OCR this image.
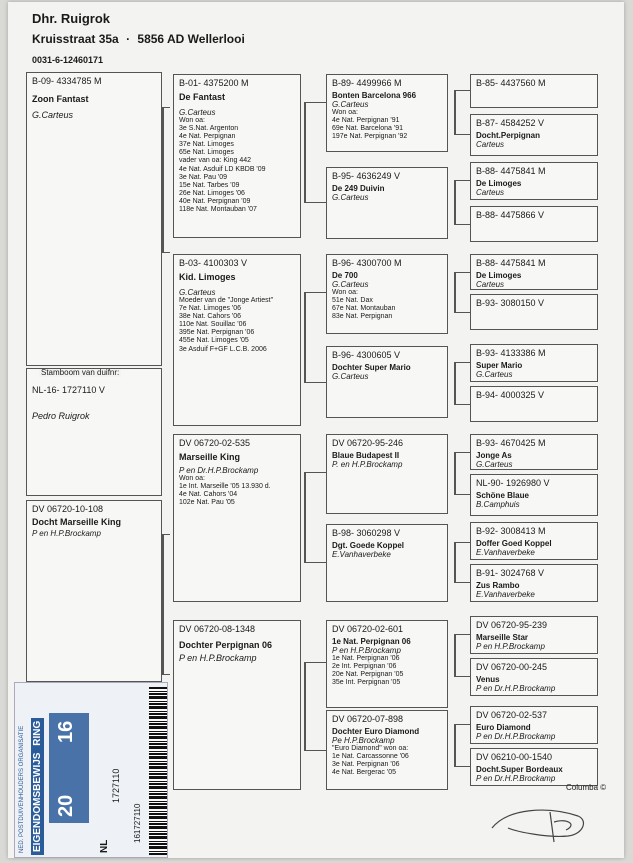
Dhr. Ruigrok
Kruisstraat 35a · 5856 AD Wellerlooi
0031-6-12460171
B-09- 4334785 M
Zoon Fantast
G.Carteus
Stamboom van duifnr:
NL-16- 1727110 V
Pedro Ruigrok
DV 06720-10-108
Docht Marseille King
P en H.P.Brockamp
B-01- 4375200 M
De Fantast
G.Carteus
Won oa:
3e S.Nat. Argenton
4e Nat. Perpignan
37e Nat. Limoges
65e Nat. Limoges
vader van oa: King 442
4e Nat. Asduif LD KBDB '09
3e Nat. Pau '09
15e Nat. Tarbes '09
26e Nat. Limoges '06
40e Nat. Perpignan '09
118e Nat. Montauban '07
B-03- 4100303 V
Kid. Limoges
G.Carteus
Moeder van de "Jonge Artiest"
7e Nat. Limoges '06
38e Nat. Cahors '06
110e Nat. Souillac '06
395e Nat. Perpignan '06
455e Nat. Limoges '05
3e Asduif F+GF L.C.B. 2006
DV 06720-02-535
Marseille King
P en Dr.H.P.Brockamp
Won oa:
1e Int. Marseille '05 13.930 d.
4e Nat. Cahors '04
102e Nat. Pau '05
DV 06720-08-1348
Dochter Perpignan 06
P en H.P.Brockamp
B-89- 4499966 M
Bonten Barcelona 966
G.Carteus
Won oa:
4e Nat. Perpignan '91
69e Nat. Barcelona '91
197e Nat. Perpignan '92
B-95- 4636249 V
De 249 Duivin
G.Carteus
B-96- 4300700 M
De 700
G.Carteus
Won oa:
51e Nat. Dax
67e Nat. Montauban
83e Nat. Perpignan
B-96- 4300605 V
Dochter Super Mario
G.Carteus
DV 06720-95-246
Blaue Budapest II
P. en H.P.Brockamp
B-98- 3060298 V
Dgt. Goede Koppel
E.Vanhaverbeke
DV 06720-02-601
1e Nat. Perpignan 06
P en H.P.Brockamp
1e Nat. Perpignan '06
2e Int. Perpignan '06
20e Nat. Perpignan '05
35e Int. Perpignan '05
DV 06720-07-898
Dochter Euro Diamond
Pe H.P.Brockamp
"Euro Diamond" won oa:
1e Nat. Carcassonne '06
3e Nat. Perpignan '06
4e Nat. Bergerac '05
B-85- 4437560 M
B-87- 4584252 V
Docht.Perpignan
Carteus
B-88- 4475841 M
De Limoges
Carteus
B-88- 4475866 V
B-88- 4475841 M
De Limoges
Carteus
B-93- 3080150 V
B-93- 4133386 M
Super Mario
G.Carteus
B-94- 4000325 V
B-93- 4670425 M
Jonge As
G.Carteus
NL-90- 1926980 V
Schöne Blaue
B.Camphuis
B-92- 3008413 M
Doffer Goed Koppel
E.Vanhaverbeke
B-91- 3024768 V
Zus Rambo
E.Vanhaverbeke
DV 06720-95-239
Marseille Star
P en H.P.Brockamp
DV 06720-00-245
Venus
P en Dr.H.P.Brockamp
DV 06720-02-537
Euro Diamond
P en Dr.H.P.Brockamp
DV 06210-00-1540
Docht.Super Bordeaux
P en Dr.H.P.Brockamp
Columba ©
NED. POSTDUIVENHOUDERS ORGANISATIE EIGENDOMSBEWIJS RING
20
16
NL
1727110
161727110
